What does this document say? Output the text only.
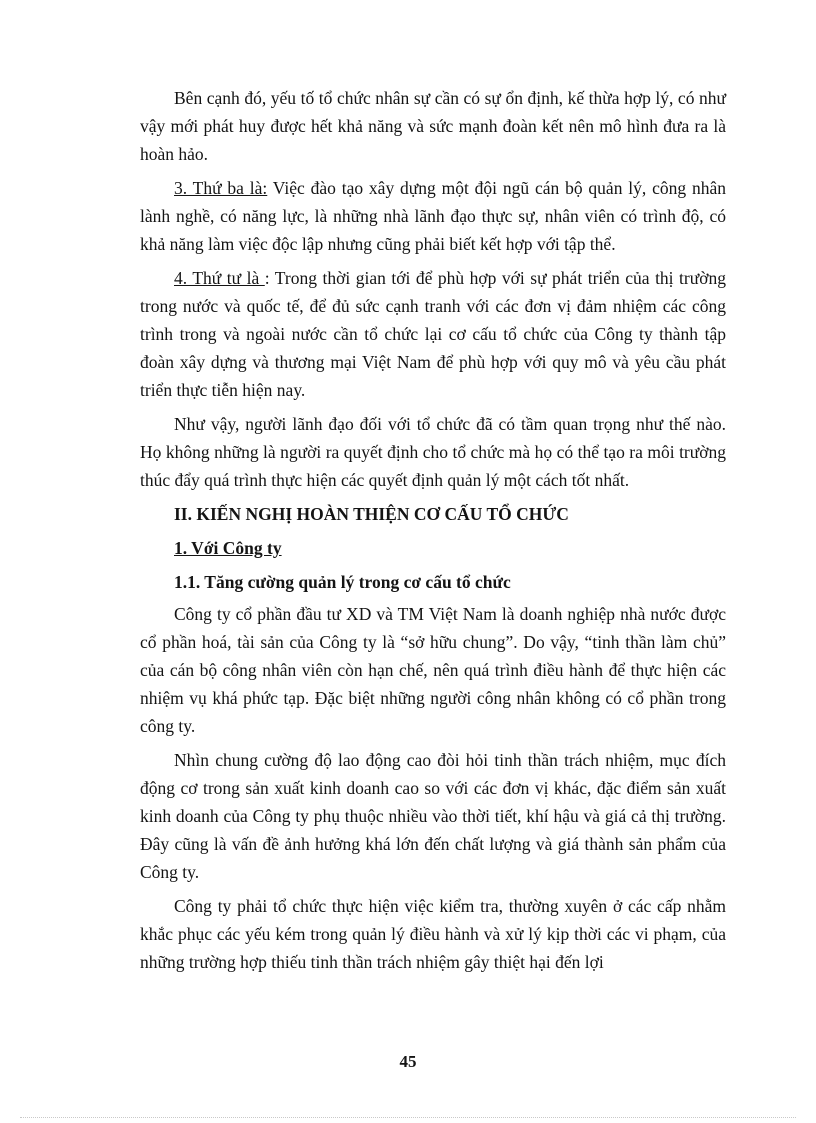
Bên cạnh đó, yếu tố tổ chức nhân sự cần có sự ổn định, kế thừa hợp lý, có như vậy mới phát huy được hết khả năng và sức mạnh đoàn kết nên mô hình đưa ra là hoàn hảo.

3. Thứ ba là: Việc đào tạo xây dựng một đội ngũ cán bộ quản lý, công nhân lành nghề, có năng lực, là những nhà lãnh đạo thực sự, nhân viên có trình độ, có khả năng làm việc độc lập nhưng cũng phải biết kết hợp với tập thể.

4. Thứ tư là : Trong thời gian tới để phù hợp với sự phát triển của thị trường trong nước và quốc tế, để đủ sức cạnh tranh với các đơn vị đảm nhiệm các công trình trong và ngoài nước cần tổ chức lại cơ cấu tổ chức của Công ty thành tập đoàn xây dựng và thương mại Việt Nam để phù hợp với quy mô và yêu cầu phát triển thực tiễn hiện nay.

Như vậy, người lãnh đạo đối với tổ chức đã có tầm quan trọng như thế nào. Họ không những là người ra quyết định cho tổ chức mà họ có thể tạo ra môi trường thúc đẩy quá trình thực hiện các quyết định quản lý một cách tốt nhất.

II. KIẾN NGHỊ HOÀN THIỆN CƠ CẤU TỔ CHỨC
1. Với Công ty
1.1. Tăng cường quản lý trong cơ cấu tổ chức

Công ty cổ phần đầu tư XD và TM Việt Nam là doanh nghiệp nhà nước được cổ phần hoá, tài sản của Công ty là “sở hữu chung”. Do vậy, “tinh thần làm chủ” của cán bộ công nhân viên còn hạn chế, nên quá trình điều hành để thực hiện các nhiệm vụ khá phức tạp. Đặc biệt những người công nhân không có cổ phần trong công ty.

Nhìn chung cường độ lao động cao đòi hỏi tinh thần trách nhiệm, mục đích động cơ trong sản xuất kinh doanh cao so với các đơn vị khác, đặc điểm sản xuất kinh doanh của Công ty phụ thuộc nhiều vào thời tiết, khí hậu và giá cả thị trường. Đây cũng là vấn đề ảnh hưởng khá lớn đến chất lượng và giá thành sản phẩm của Công ty.

Công ty phải tổ chức thực hiện việc kiểm tra, thường xuyên ở các cấp nhằm khắc phục các yếu kém trong quản lý điều hành và xử lý kịp thời các vi phạm, của những trường hợp thiếu tinh thần trách nhiệm gây thiệt hại đến lợi

45
